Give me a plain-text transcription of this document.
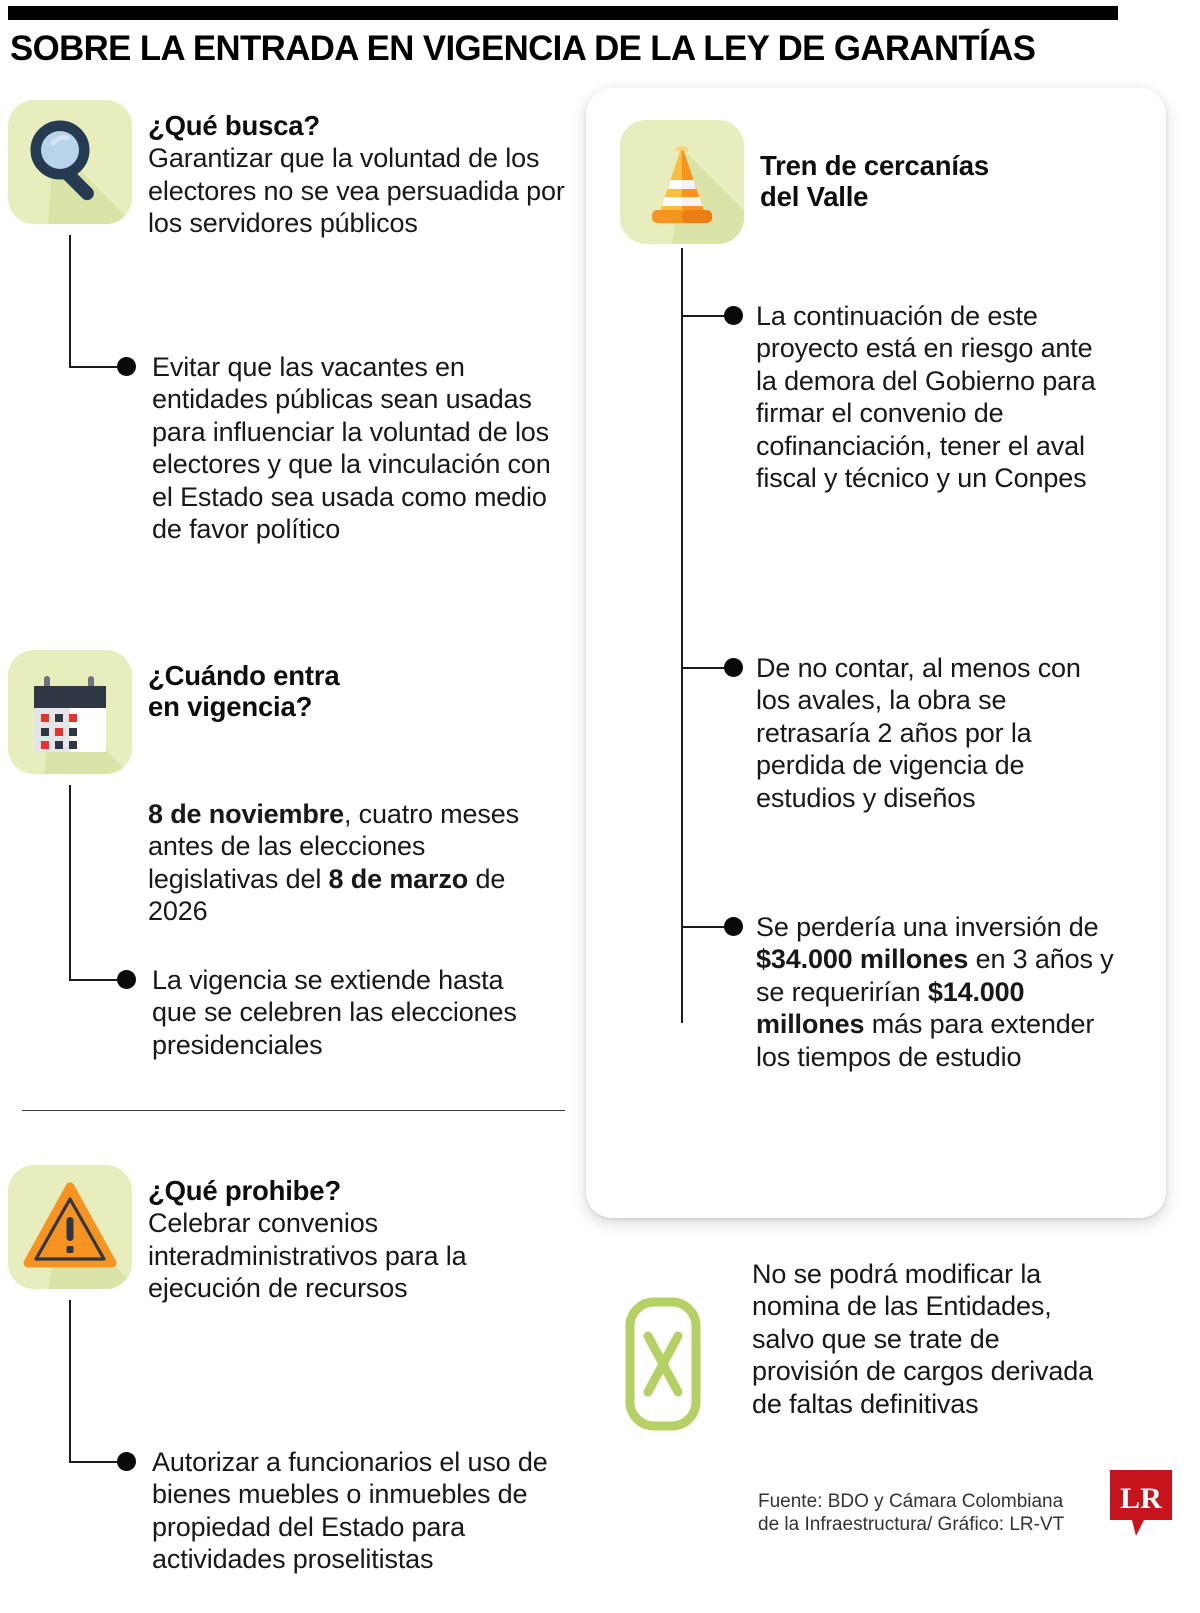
SOBRE LA ENTRADA EN VIGENCIA DE LA LEY DE GARANTÍAS
¿Qué busca?
Garantizar que la voluntad de los electores no se vea persuadida por los servidores públicos
Evitar que las vacantes en entidades públicas sean usadas para influenciar la voluntad de los electores y que la vinculación con el Estado sea usada como medio de favor político
¿Cuándo entra
en vigencia?
8 de noviembre, cuatro meses antes de las elecciones legislativas del 8 de marzo de 2026
La vigencia se extiende hasta que se celebren las elecciones presidenciales
¿Qué prohibe?
Celebrar convenios interadministrativos para la ejecución de recursos
Autorizar a funcionarios el uso de bienes muebles o inmuebles de propiedad del Estado para actividades proselitistas
Tren de cercanías
del Valle
La continuación de este proyecto está en riesgo ante la demora del Gobierno para firmar el convenio de cofinanciación, tener el aval fiscal y técnico y un Conpes
De no contar, al menos con los avales, la obra se retrasaría 2 años por la perdida de vigencia de estudios y diseños
Se perdería una inversión de $34.000 millones en 3 años y se requerirían $14.000 millones más para extender los tiempos de estudio
No se podrá modificar la nomina de las Entidades, salvo que se trate de provisión de cargos derivada de faltas definitivas
Fuente: BDO y Cámara Colombiana
de la Infraestructura/ Gráfico: LR-VT
LR
